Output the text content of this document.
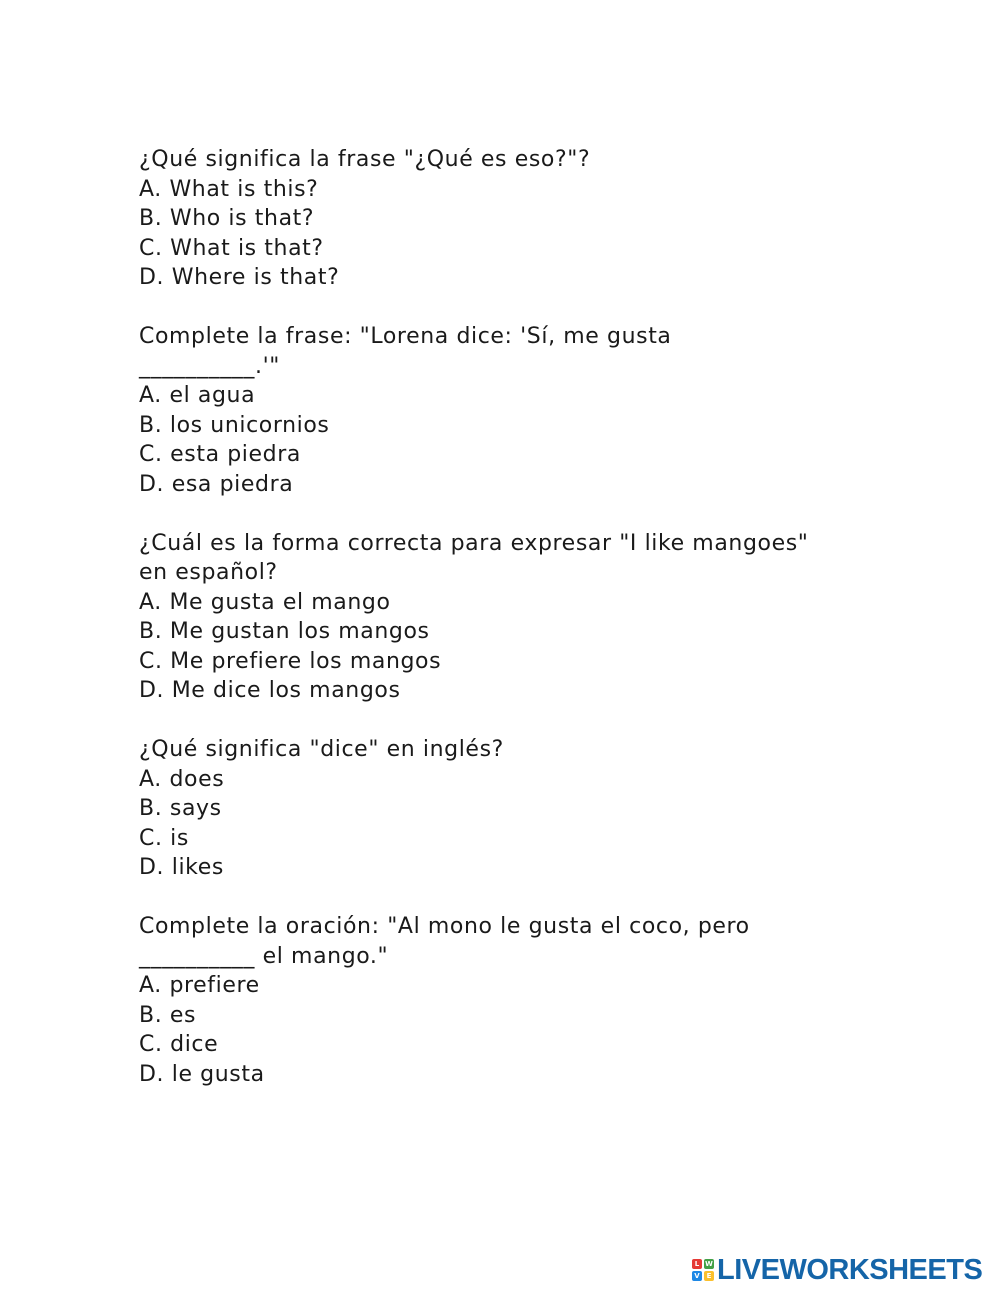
¿Qué significa la frase "¿Qué es eso?"?

A. What is this?

B. Who is that?

C. What is that?

D. Where is that?

Complete la frase: "Lorena dice: 'Sí, me gusta

__________.'"

A. el agua

B. los unicornios

C. esta piedra

D. esa piedra

¿Cuál es la forma correcta para expresar "I like mangoes"

en español?

A. Me gusta el mango

B. Me gustan los mangos

C. Me prefiere los mangos

D. Me dice los mangos

¿Qué significa "dice" en inglés?

A. does

B. says

C. is

D. likes

Complete la oración: "Al mono le gusta el coco, pero

__________ el mango."

A. prefiere

B. es

C. dice

D. le gusta

L W
V E LIVEWORKSHEETS
